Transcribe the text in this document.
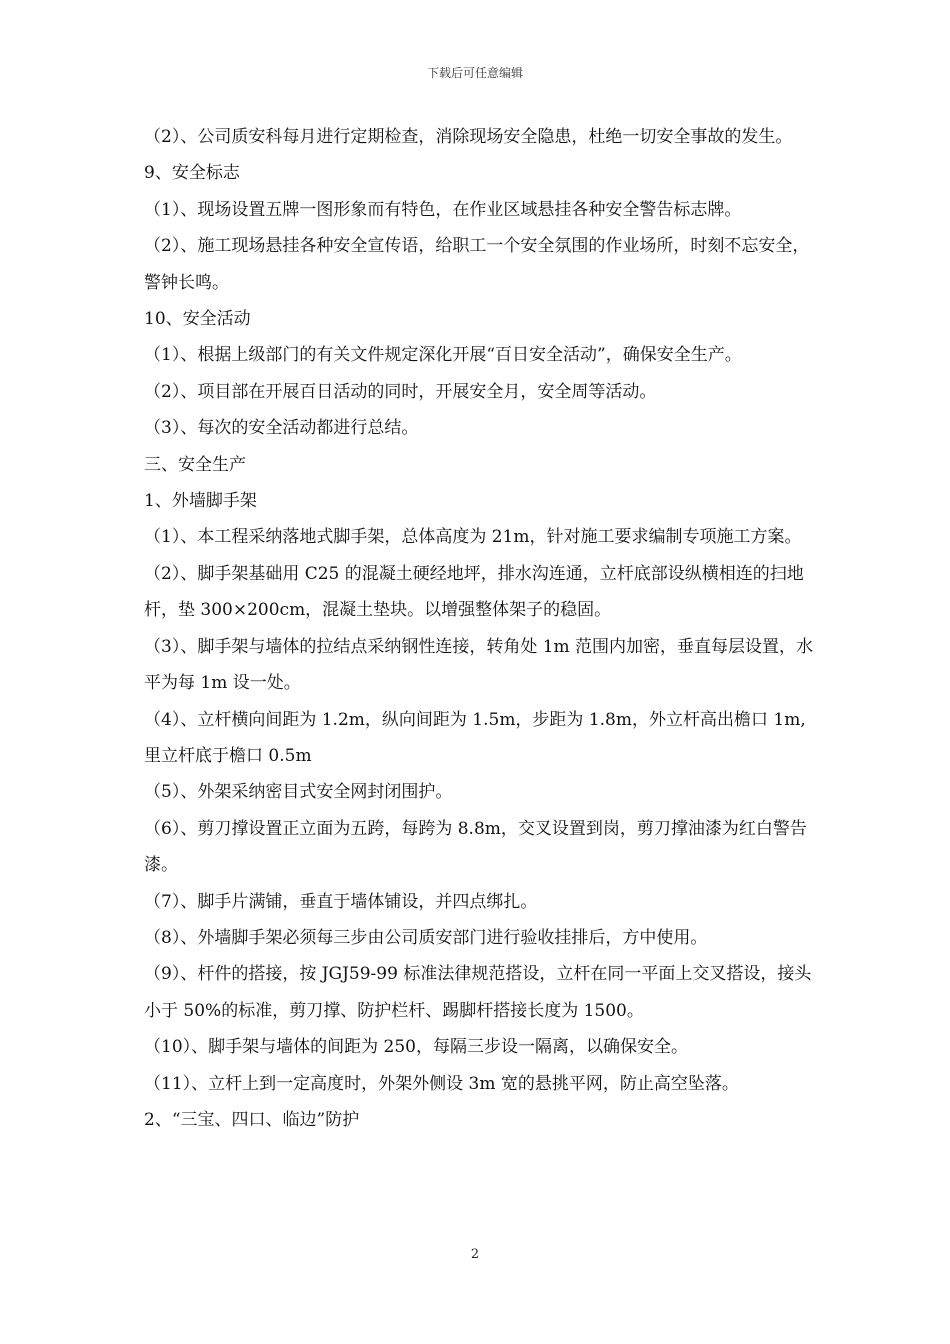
下载后可任意编辑

（2）、公司质安科每月进行定期检查，消除现场安全隐患，杜绝一切安全事故的发生。

9、安全标志

（1）、现场设置五牌一图形象而有特色，在作业区域悬挂各种安全警告标志牌。

（2）、施工现场悬挂各种安全宣传语，给职工一个安全氛围的作业场所，时刻不忘安全，警钟长鸣。

10、安全活动

（1）、根据上级部门的有关文件规定深化开展“百日安全活动”，确保安全生产。

（2）、项目部在开展百日活动的同时，开展安全月，安全周等活动。

（3）、每次的安全活动都进行总结。

三、安全生产

1、外墙脚手架

（1）、本工程采纳落地式脚手架，总体高度为 21m，针对施工要求编制专项施工方案。

（2）、脚手架基础用 C25 的混凝土硬经地坪，排水沟连通，立杆底部设纵横相连的扫地杆，垫 300×200cm，混凝土垫块。以增强整体架子的稳固。

（3）、脚手架与墙体的拉结点采纳钢性连接，转角处 1m 范围内加密，垂直每层设置，水平为每 1m 设一处。

（4）、立杆横向间距为 1.2m，纵向间距为 1.5m，步距为 1.8m，外立杆高出檐口 1m,里立杆底于檐口 0.5m

（5）、外架采纳密目式安全网封闭围护。

（6）、剪刀撑设置正立面为五跨，每跨为 8.8m，交叉设置到岗，剪刀撑油漆为红白警告漆。

（7）、脚手片满铺，垂直于墙体铺设，并四点绑扎。

（8）、外墙脚手架必须每三步由公司质安部门进行验收挂排后，方中使用。

（9）、杆件的搭接，按 JGJ59-99 标准法律规范搭设，立杆在同一平面上交叉搭设，接头小于 50%的标准，剪刀撑、防护栏杆、踢脚杆搭接长度为 1500。

（10）、脚手架与墙体的间距为 250，每隔三步设一隔离，以确保安全。

（11）、立杆上到一定高度时，外架外侧设 3m 宽的悬挑平网，防止高空坠落。

2、“三宝、四口、临边”防护

2
